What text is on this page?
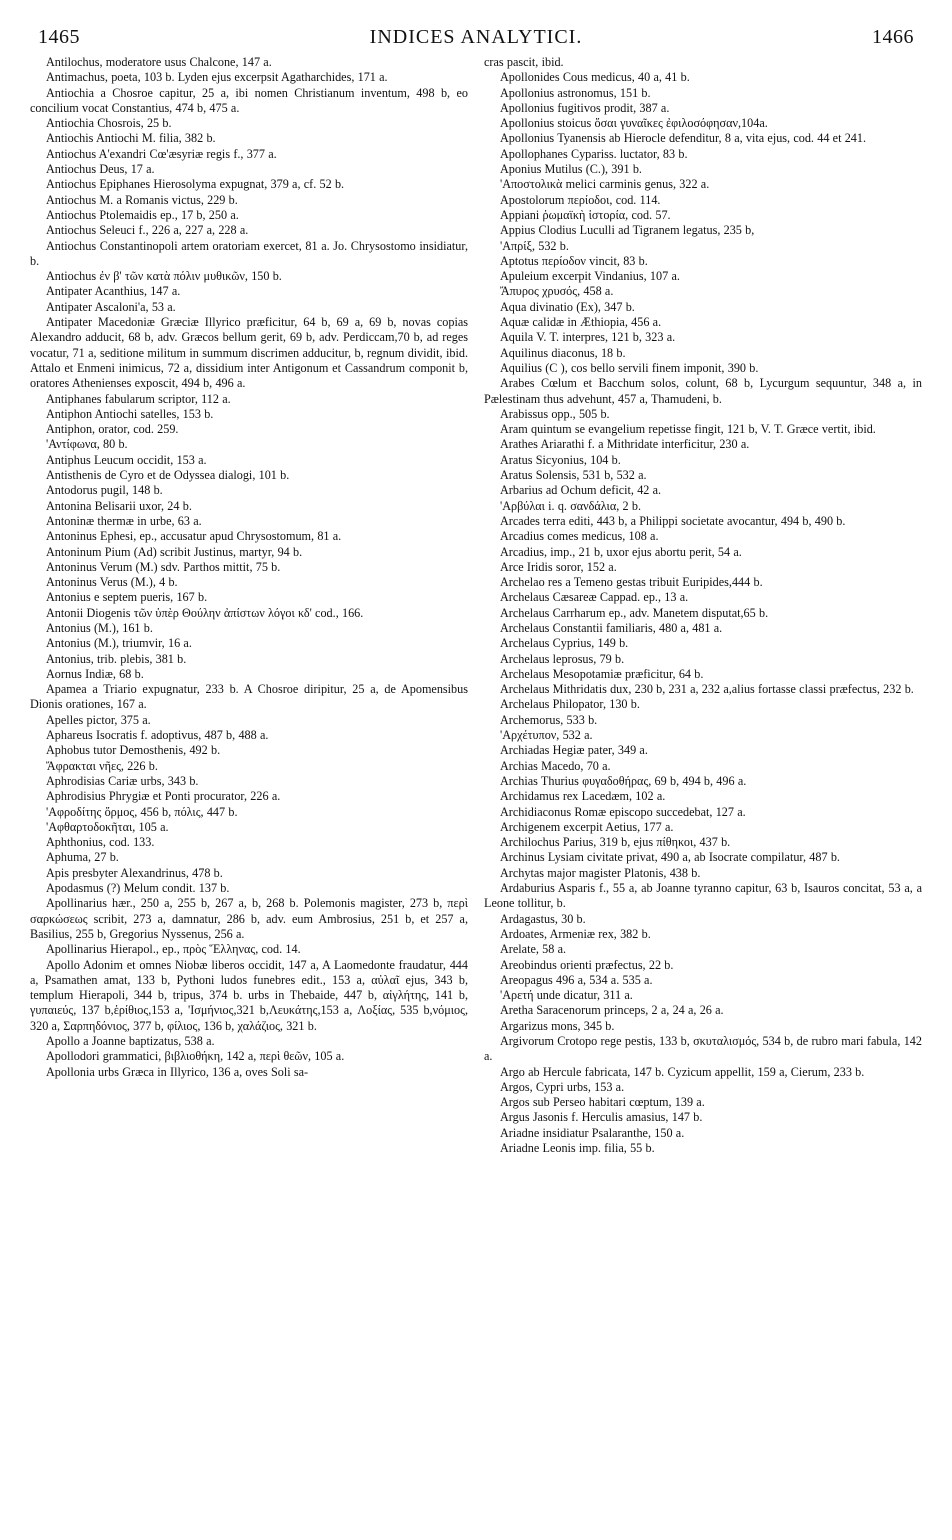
1465	INDICES ANALYTICI.	1466

Antilochus, moderatore usus Chalcone, 147 a.

Antimachus, poeta, 103 b. Lyden ejus excerpsit Agatharchides, 171 a.

Antiochia a Chosroe capitur, 25 a, ibi nomen Christianum inventum, 498 b, eo concilium vocat Constantius, 474 b, 475 a.

Antiochia Chosrois, 25 b.

Antiochis Antiochi M. filia, 382 b.

Antiochus A'exandri Cœ'æsyriæ regis f., 377 a.

Antiochus Deus, 17 a.

Antiochus Epiphanes Hierosolyma expugnat, 379 a, cf. 52 b.

Antiochus M. a Romanis victus, 229 b.

Antiochus Ptolemaidis ep., 17 b, 250 a.

Antiochus Seleuci f., 226 a, 227 a, 228 a.

Antiochus Constantinopoli artem oratoriam exercet, 81 a. Jo. Chrysostomo insidiatur, b.

Antiochus ἐν β' τῶν κατὰ πόλιν μυθικῶν, 150 b.

Antipater Acanthius, 147 a.

Antipater Ascaloni'a, 53 a.

Antipater Macedoniæ Græciæ Illyrico præficitur, 64 b, 69 a, 69 b, novas copias Alexandro adducit, 68 b, adv. Græcos bellum gerit, 69 b, adv. Perdiccam,70 b, ad reges vocatur, 71 a, seditione militum in summum discrimen adducitur, b, regnum dividit, ibid. Attalo et Enmeni inimicus, 72 a, dissidium inter Antigonum et Cassandrum componit b, oratores Athenienses exposcit, 494 b, 496 a.

Antiphanes fabularum scriptor, 112 a.

Antiphon Antiochi satelles, 153 b.

Antiphon, orator, cod. 259.

'Αντίφωνα, 80 b.

Antiphus Leucum occidit, 153 a.

Antisthenis de Cyro et de Odyssea dialogi, 101 b.

Antodorus pugil, 148 b.

Antonina Belisarii uxor, 24 b.

Antoninæ thermæ in urbe, 63 a.

Antoninus Ephesi, ep., accusatur apud Chrysostomum, 81 a.

Antoninum Pium (Ad) scribit Justinus, martyr, 94 b.

Antoninus Verum (M.) sdv. Parthos mittit, 75 b.

Antoninus Verus (M.), 4 b.

Antonius e septem pueris, 167 b.

Antonii Diogenis τῶν ὑπὲρ Θούλην ἀπίστων λόγοι κδ' cod., 166.

Antonius (M.), 161 b.

Antonius (M.), triumvir, 16 a.

Antonius, trib. plebis, 381 b.

Aornus Indiæ, 68 b.

Apamea a Triario expugnatur, 233 b. A Chosroe diripitur, 25 a, de Apomensibus Dionis orationes, 167 a.

Apelles pictor, 375 a.

Aphareus Isocratis f. adoptivus, 487 b, 488 a.

Aphobus tutor Demosthenis, 492 b.

Ἄφρακται νῆες, 226 b.

Aphrodisias Cariæ urbs, 343 b.

Aphrodisius Phrygiæ et Ponti procurator, 226 a.

'Αφροδίτης ὅρμος, 456 b, πόλις, 447 b.

'Αφθαρτοδοκῆται, 105 a.

Aphthonius, cod. 133.

Aphuma, 27 b.

Apis presbyter Alexandrinus, 478 b.

Apodasmus (?) Melum condit. 137 b.

Apollinarius hær., 250 a, 255 b, 267 a, b, 268 b. Polemonis magister, 273 b, περὶ σαρκώσεως scribit, 273 a, damnatur, 286 b, adv. eum Ambrosius, 251 b, et 257 a, Basilius, 255 b, Gregorius Nyssenus, 256 a.

Apollinarius Hierapol., ep., πρὸς Ἕλληνας, cod. 14.

Apollo Adonim et omnes Niobæ liberos occidit, 147 a, A Laomedonte fraudatur, 444 a, Psamathen amat, 133 b, Pythoni ludos funebres edit., 153 a, αὐλαῖ ejus, 343 b, templum Hierapoli, 344 b, tripus, 374 b. urbs in Thebaide, 447 b, αἰγλήτης, 141 b, γυπαιεύς, 137 b,ἑρίθιος,153 a, 'Ισμήνιος,321 b,Λευκάτης,153 a, Λοξίας, 535 b,νόμιος, 320 a, Σαρπηδόνιος, 377 b, φίλιος, 136 b, χαλάζιος, 321 b.

Apollo a Joanne baptizatus, 538 a.

Apollodori grammatici, βιβλιοθήκη, 142 a, περὶ θεῶν, 105 a.

Apollonia urbs Græca in Illyrico, 136 a, oves Soli sa-

cras pascit, ibid.

Apollonides Cous medicus, 40 a, 41 b.

Apollonius astronomus, 151 b.

Apollonius fugitivos prodit, 387 a.

Apollonius stoicus ὅσαι γυναῖκες ἐφιλοσόφησαν,104a.

Apollonius Tyanensis ab Hierocle defenditur, 8 a, vita ejus, cod. 44 et 241.

Apollophanes Cypariss. luctator, 83 b.

Aponius Mutilus (C.), 391 b.

'Αποστολικὰ melici carminis genus, 322 a.

Apostolorum περίοδοι, cod. 114.

Appiani ῥωμαϊκὴ ἱστορία, cod. 57.

Appius Clodius Luculli ad Tigranem legatus, 235 b,

'Απρίξ, 532 b.

Aptotus περίοδον vincit, 83 b.

Apuleium excerpit Vindanius, 107 a.

Ἄπυρος χρυσός, 458 a.

Aqua divinatio (Ex), 347 b.

Aquæ calidæ in Æthiopia, 456 a.

Aquila V. T. interpres, 121 b, 323 a.

Aquilinus diaconus, 18 b.

Aquilius (C ), cos bello servili finem imponit, 390 b.

Arabes Cœlum et Bacchum solos, colunt, 68 b, Lycurgum sequuntur, 348 a, in Pælestinam thus advehunt, 457 a, Thamudeni, b.

Arabissus opp., 505 b.

Aram quintum se evangelium repetisse fingit, 121 b, V. T. Græce vertit, ibid.

Arathes Ariarathi f. a Mithridate interficitur, 230 a.

Aratus Sicyonius, 104 b.

Aratus Solensis, 531 b, 532 a.

Arbarius ad Ochum deficit, 42 a.

'Αρβύλαι i. q. σανδάλια, 2 b.

Arcades terra editi, 443 b, a Philippi societate avocantur, 494 b, 490 b.

Arcadius comes medicus, 108 a.

Arcadius, imp., 21 b, uxor ejus abortu perit, 54 a.

Arce Iridis soror, 152 a.

Archelao res a Temeno gestas tribuit Euripides,444 b.

Archelaus Cæsareæ Cappad. ep., 13 a.

Archelaus Carrharum ep., adv. Manetem disputat,65 b.

Archelaus Constantii familiaris, 480 a, 481 a.

Archelaus Cyprius, 149 b.

Archelaus leprosus, 79 b.

Archelaus Mesopotamiæ præficitur, 64 b.

Archelaus Mithridatis dux, 230 b, 231 a, 232 a,alius fortasse classi præfectus, 232 b.

Archelaus Philopator, 130 b.

Archemorus, 533 b.

'Αρχέτυπον, 532 a.

Archiadas Hegiæ pater, 349 a.

Archias Macedo, 70 a.

Archias Thurius φυγαδοθήρας, 69 b, 494 b, 496 a.

Archidamus rex Lacedæm, 102 a.

Archidiaconus Romæ episcopo succedebat, 127 a.

Archigenem excerpit Aetius, 177 a.

Archilochus Parius, 319 b, ejus πίθηκοι, 437 b.

Archinus Lysiam civitate privat, 490 a, ab Isocrate compilatur, 487 b.

Archytas major magister Platonis, 438 b.

Ardaburius Asparis f., 55 a, ab Joanne tyranno capitur, 63 b, Isauros concitat, 53 a, a Leone tollitur, b.

Ardagastus, 30 b.

Ardoates, Armeniæ rex, 382 b.

Arelate, 58 a.

Areobindus orienti præfectus, 22 b.

Areopagus 496 a, 534 a. 535 a.

'Αρετή unde dicatur, 311 a.

Aretha Saracenorum princeps, 2 a, 24 a, 26 a.

Argarizus mons, 345 b.

Argivorum Crotopo rege pestis, 133 b, σκυταλισμός, 534 b, de rubro mari fabula, 142 a.

Argo ab Hercule fabricata, 147 b. Cyzicum appellit, 159 a, Cierum, 233 b.

Argos, Cypri urbs, 153 a.

Argos sub Perseo habitari cœptum, 139 a.

Argus Jasonis f. Herculis amasius, 147 b.

Ariadne insidiatur Psalaranthe, 150 a.

Ariadne Leonis imp. filia, 55 b.
